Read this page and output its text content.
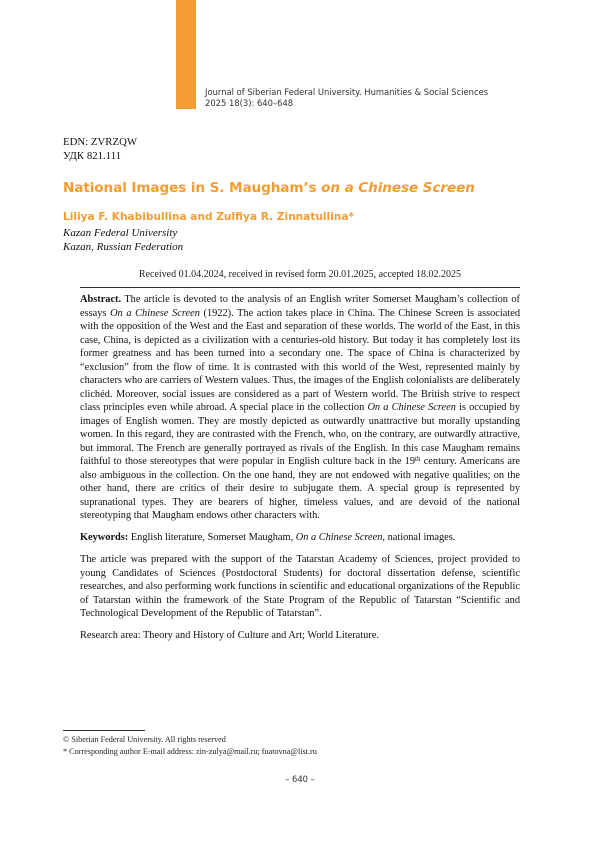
Journal of Siberian Federal University. Humanities & Social Sciences
2025 18(3): 640–648
EDN: ZVRZQW
УДК 821.111
National Images in S. Maugham’s on a Chinese Screen
Liliya F. Khabibullina and Zulfiya R. Zinnatullina*
Kazan Federal University
Kazan, Russian Federation
Received 01.04.2024, received in revised form 20.01.2025, accepted 18.02.2025

Abstract. The article is devoted to the analysis of an English writer Somerset Maugham’s collection of essays On a Chinese Screen (1922). The action takes place in China. The Chinese Screen is associated with the opposition of the West and the East and separation of these worlds. The world of the East, in this case, China, is depicted as a civilization with a centuries-old history. But today it has completely lost its former greatness and has been turned into a secondary one. The space of China is characterized by “exclusion” from the flow of time. It is contrasted with this world of the West, represented mainly by characters who are carriers of Western values. Thus, the images of the English colonialists are deliberately cliché​d. Moreover, social issues are considered as a part of Western world. The British strive to respect class principles even while abroad. A special place in the collection On a Chinese Screen is occupied by images of English women. They are mostly depicted as outwardly unattractive but morally upstanding women. In this regard, they are contrasted with the French, who, on the contrary, are outwardly attractive, but immoral. The French are generally portrayed as rivals of the English. In this case Maugham remains faithful to those stereotypes that were popular in English culture back in the 19th century. Americans are also ambiguous in the collection. On the one hand, they are not endowed with negative qualities; on the other hand, there are critics of their desire to subjugate them. A special group is represented by supranational types. They are bearers of higher, timeless values, and are devoid of the national stereotyping that Maugham endows other characters with.

Keywords: English literature, Somerset Maugham, On a Chinese Screen, national images.

The article was prepared with the support of the Tatarstan Academy of Sciences, project provided to young Candidates of Sciences (Postdoctoral Students) for doctoral dissertation defense, scientific researches, and also performing work functions in scientific and educational organizations of the Republic of Tatarstan within the framework of the State Program of the Republic of Tatarstan “Scientific and Technological Development of the Republic of Tatarstan”.

Research area: Theory and History of Culture and Art; World Literature.

© Siberian Federal University. All rights reserved
* Corresponding author E-mail address: zin-zulya@mail.ru; fuatovna@list.ru
– 640 –
